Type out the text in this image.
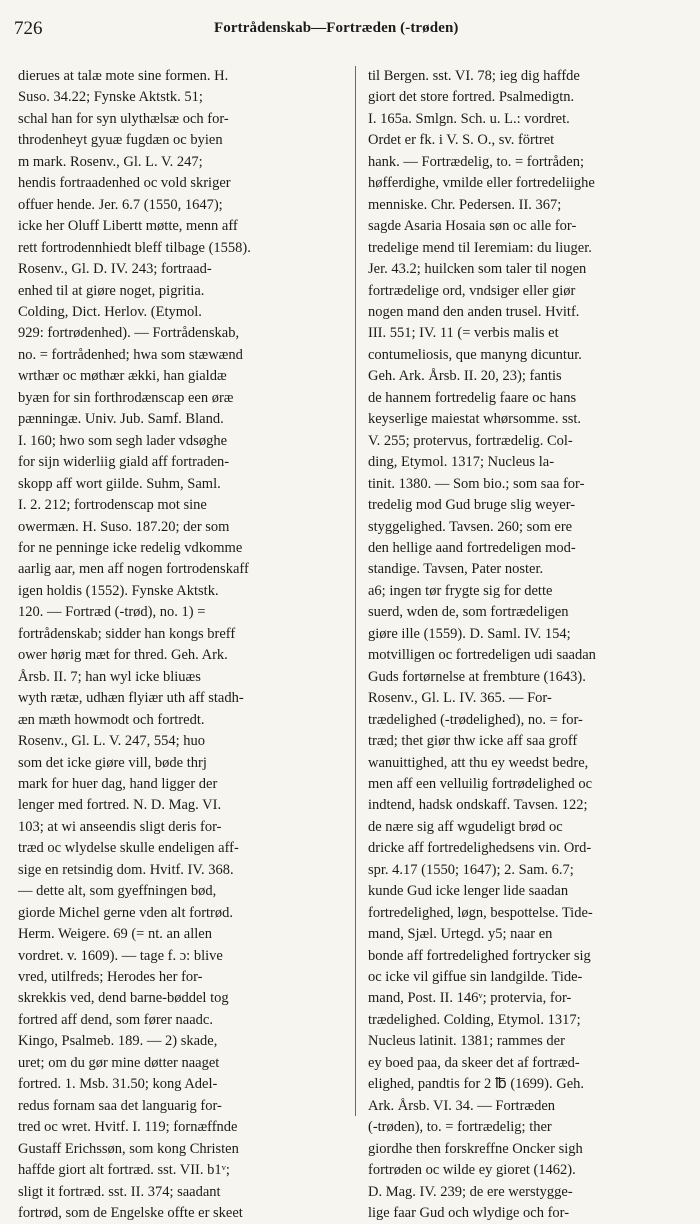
726	Fortrådenskab—Fortræden (-trøden)
dierues at talæ mote sine formen. H.
Suso. 34.22; Fynske Aktstk. 51;
schal han for syn ulythælsæ och for-
throdenheyt gyuæ fugdæn oc byien
m mark. Rosenv., Gl. L. V. 247;
hendis fortraadenhed oc vold skriger
offuer hende. Jer. 6.7 (1550, 1647);
icke her Oluff Libertt møtte, menn aff
rett fortrodennhiedt bleff tilbage (1558).
Rosenv., Gl. D. IV. 243; fortraad-
enhed til at giøre noget, pigritia.
Colding, Dict. Herlov. (Etymol.
929: fortrødenhed). — Fortrådenskab,
no. = fortrådenhed; hwa som stæwænd
wrthær oc møthær ækki, han gialdæ
byæn for sin forthrodænscap een øræ
pænningæ. Univ. Jub. Samf. Bland.
I. 160; hwo som segh lader vdsøghe
for sijn widerliig giald aff fortraden-
skopp aff wort giilde. Suhm, Saml.
I. 2. 212; fortrodenscap mot sine
owermæn. H. Suso. 187.20; der som
for ne penninge icke redelig vdkomme
aarlig aar, men aff nogen fortrodenskaff
igen holdis (1552). Fynske Aktstk.
120. — Fortræd (-trød), no. 1) =
fortrådenskab; sidder han kongs breff
ower hørig mæt for thred. Geh. Ark.
Årsb. II. 7; han wyl icke bliuæs
wyth rætæ, udhæn flyiær uth aff stadh-
æn mæth howmodt och fortredt.
Rosenv., Gl. L. V. 247, 554; huo
som det icke giøre vill, bøde thrj
mark for huer dag, hand ligger der
lenger med fortred. N. D. Mag. VI.
103; at wi anseendis sligt deris for-
træd oc wlydelse skulle endeligen aff-
sige en retsindig dom. Hvitf. IV. 368.
— dette alt, som gyeffningen bød,
giorde Michel gerne vden alt fortrød.
Herm. Weigere. 69 (= nt. an allen
vordret. v. 1609). — tage f. ɔ: blive
vred, utilfreds; Herodes her for-
skrekkis ved, dend barne-bøddel tog
fortred aff dend, som fører naadc.
Kingo, Psalmeb. 189. — 2) skade,
uret; om du gør mine døtter naaget
fortred. 1. Msb. 31.50; kong Adel-
redus fornam saa det languarig for-
tred oc wret. Hvitf. I. 119; fornæffnde
Gustaff Erichssøn, som kong Christen
haffde giort alt fortræd. sst. VII. b1ᵛ;
sligt it fortræd. sst. II. 374; saadant
fortrød, som de Engelske offte er skeet
til Bergen. sst. VI. 78; ieg dig haffde
giort det store fortred. Psalmedigtn.
I. 165a. Smlgn. Sch. u. L.: vordret.
Ordet er fk. i V. S. O., sv. förtret
hank. — Fortrædelig, to. = fortråden;
høfferdighe, vmilde eller fortredeliighe
menniske. Chr. Pedersen. II. 367;
sagde Asaria Hosaia søn oc alle for-
tredelige mend til Ieremiam: du liuger.
Jer. 43.2; huilcken som taler til nogen
fortrædelige ord, vndsiger eller giør
nogen mand den anden trusel. Hvitf.
III. 551; IV. 11 (= verbis malis et
contumeliosis, que manyng dicuntur.
Geh. Ark. Årsb. II. 20, 23); fantis
de hannem fortredelig faare oc hans
keyserlige maiestat whørsomme. sst.
V. 255; protervus, fortrædelig. Col-
ding, Etymol. 1317; Nucleus la-
tinit. 1380. — Som bio.; som saa for-
tredelig mod Gud bruge slig weyer-
styggelighed. Tavsen. 260; som ere
den hellige aand fortredeligen mod-
standige. Tavsen, Pater noster.
a6; ingen tør frygte sig for dette
suerd, wden de, som fortrædeligen
giøre ille (1559). D. Saml. IV. 154;
motvilligen oc fortredeligen udi saadan
Guds fortørnelse at frembture (1643).
Rosenv., Gl. L. IV. 365. — For-
trædelighed (-trødelighed), no. = for-
træd; thet giør thw icke aff saa groff
wanuittighed, att thu ey weedst bedre,
men aff een velluilig fortrødelighed oc
indtend, hadsk ondskaff. Tavsen. 122;
de nære sig aff wgudeligt brød oc
dricke aff fortredelighedsens vin. Ord-
spr. 4.17 (1550; 1647); 2. Sam. 6.7;
kunde Gud icke lenger lide saadan
fortredelighed, løgn, bespottelse. Tide-
mand, Sjæl. Urtegd. y5; naar en
bonde aff fortredelighed fortrycker sig
oc icke vil giffue sin landgilde. Tide-
mand, Post. II. 146ᵛ; protervia, for-
trædelighed. Colding, Etymol. 1317;
Nucleus latinit. 1381; rammes der
ey boed paa, da skeer det af fortræd-
elighed, pandtis for 2 ℔ (1699). Geh.
Ark. Årsb. VI. 34. — Fortræden
(-trøden), to. = fortrædelig; ther
giordhe then forskreffne Oncker sigh
fortrøden oc wilde ey gioret (1462).
D. Mag. IV. 239; de ere werstygge-
lige faar Gud och wlydige och for-
